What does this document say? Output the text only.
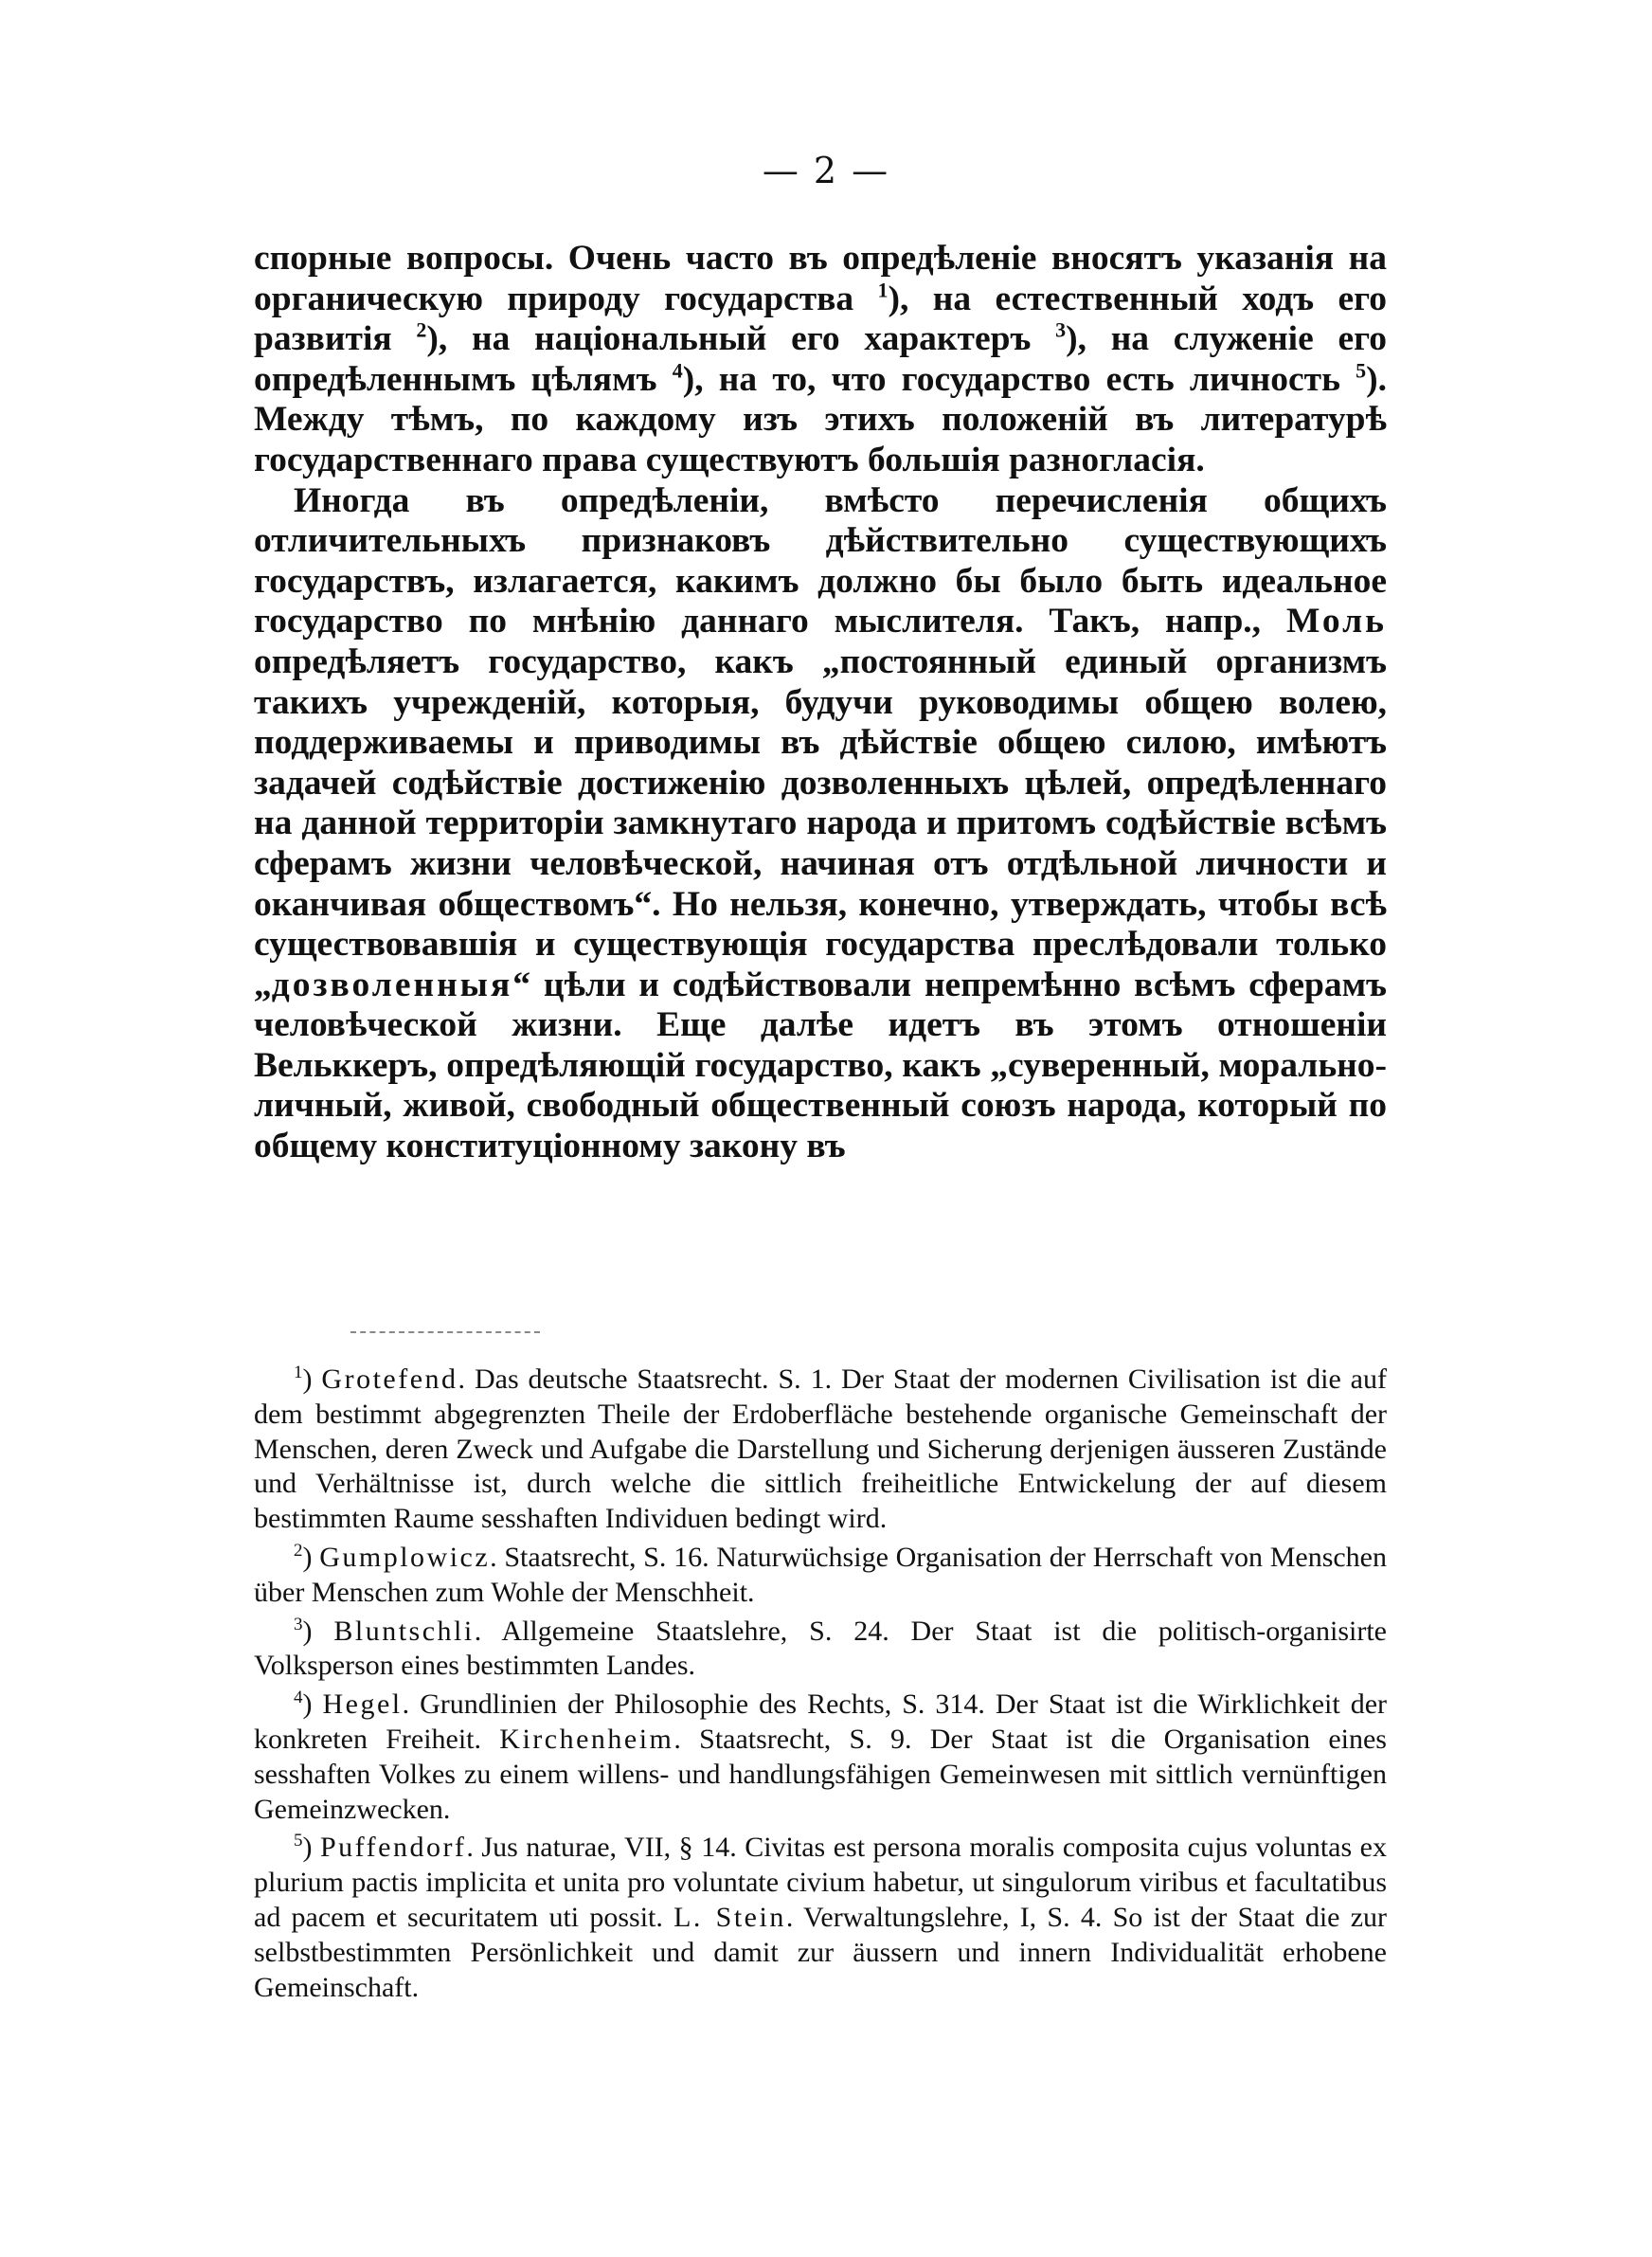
— 2 —

спорные вопросы. Очень часто въ опредѣленіе вносятъ указанія на органическую природу государства $^1$), на естественный ходъ его развитія $^2$), на національный его характеръ $^3$), на служеніе его опредѣленнымъ цѣлямъ $^4$), на то, что государство есть личность $^5$). Между тѣмъ, по каждому изъ этихъ положеній въ литературѣ государственнаго права существуютъ большія разногласія.

Иногда въ опредѣленіи, вмѣсто перечисленія общихъ отличительныхъ признаковъ дѣйствительно существующихъ государствъ, излагается, какимъ должно бы было быть идеальное государство по мнѣнію даннаго мыслителя. Такъ, напр., Моль опредѣляетъ государство, какъ „постоянный единый организмъ такихъ учрежденій, которыя, будучи руководимы общею волею, поддерживаемы и приводимы въ дѣйствіе общею силою, имѣютъ задачей содѣйствіе достиженію дозволенныхъ цѣлей, опредѣленнаго на данной территоріи замкнутаго народа и притомъ содѣйствіе всѣмъ сферамъ жизни человѣческой, начиная отъ отдѣльной личности и оканчивая обществомъ“. Но нельзя, конечно, утверждать, чтобы всѣ существовавшія и существующія государства преслѣдовали только „дозволенныя“ цѣли и содѣйствовали непремѣнно всѣмъ сферамъ человѣческой жизни. Еще далѣе идетъ въ этомъ отношеніи Вельккеръ, опредѣляющій государство, какъ „суверенный, морально-личный, живой, свободный общественный союзъ народа, который по общему конституціонному закону въ

$^1$) Grotefend. Das deutsche Staatsrecht. S. 1. Der Staat der modernen Civilisation ist die auf dem bestimmt abgegrenzten Theile der Erdoberfläche bestehende organische Gemeinschaft der Menschen, deren Zweck und Aufgabe die Darstellung und Sicherung derjenigen äusseren Zustände und Verhältnisse ist, durch welche die sittlich freiheitliche Entwickelung der auf diesem bestimmten Raume sesshaften Individuen bedingt wird.

$^2$) Gumplowicz. Staatsrecht, S. 16. Naturwüchsige Organisation der Herrschaft von Menschen über Menschen zum Wohle der Menschheit.

$^3$) Bluntschli. Allgemeine Staatslehre, S. 24. Der Staat ist die politisch-organisirte Volksperson eines bestimmten Landes.

$^4$) Hegel. Grundlinien der Philosophie des Rechts, S. 314. Der Staat ist die Wirklichkeit der konkreten Freiheit. Kirchenheim. Staatsrecht, S. 9. Der Staat ist die Organisation eines sesshaften Volkes zu einem willens- und handlungsfähigen Gemeinwesen mit sittlich vernünftigen Gemeinzwecken.

$^5$) Puffendorf. Jus naturae, VII, § 14. Civitas est persona moralis composita cujus voluntas ex plurium pactis implicita et unita pro voluntate civium habetur, ut singulorum viribus et facultatibus ad pacem et securitatem uti possit. L. Stein. Verwaltungslehre, I, S. 4. So ist der Staat die zur selbstbestimmten Persönlichkeit und damit zur äussern und innern Individualität erhobene Gemeinschaft.
